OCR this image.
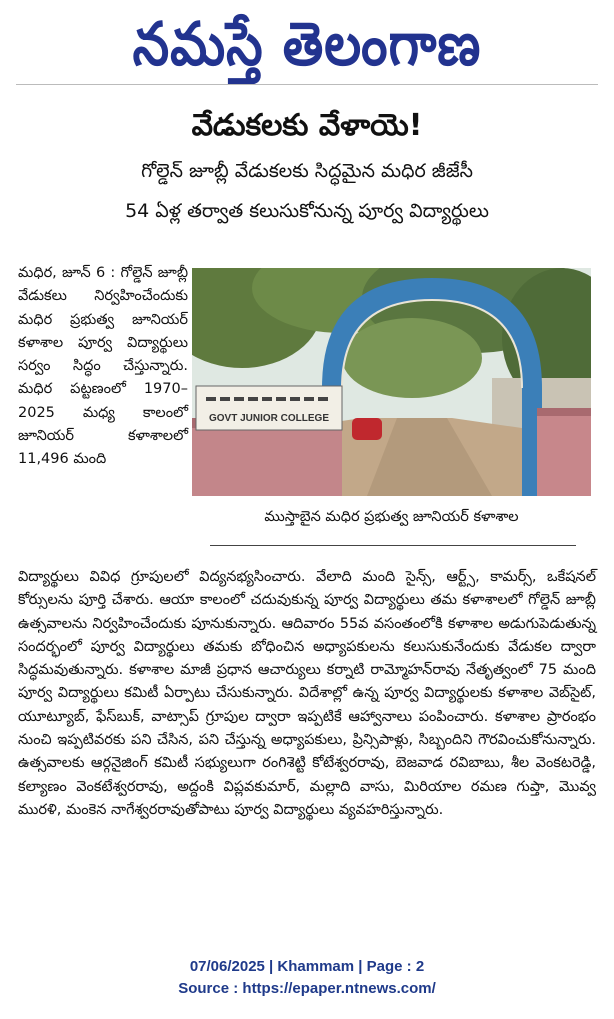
నమస్తే తెలంగాణ
వేడుకలకు వేళాయె!
గోల్డెన్ జూబ్లీ వేడుకలకు సిద్ధమైన మధిర జీజేసీ
54 ఏళ్ల తర్వాత కలుసుకోనున్న పూర్వ విద్యార్థులు
మధిర, జూన్ 6 : గోల్డెన్ జూబ్లీ వేడుకలు నిర్వహించేందుకు మధిర ప్రభుత్వ జూనియర్ కళాశాల పూర్వ విద్యార్థులు సర్వం సిద్ధం చేస్తున్నారు. మధిర పట్టణంలో 1970–2025 మధ్య కాలంలో జూనియర్ కళాశాలలో 11,496 మంది
GOVT JUNIOR COLLEGE
ముస్తాబైన మధిర ప్రభుత్వ జూనియర్ కళాశాల
విద్యార్థులు వివిధ గ్రూపులలో విద్యనభ్యసించారు. వేలాది మంది సైన్స్, ఆర్ట్స్, కామర్స్, ఒకేషనల్ కోర్సులను పూర్తి చేశారు. ఆయా కాలంలో చదువుకున్న పూర్వ విద్యార్థులు తమ కళాశాలలో గోల్డెన్ జూబ్లీ ఉత్సవాలను నిర్వహించేందుకు పూనుకున్నారు. ఆదివారం 55వ వసంతంలోకి కళాశాల అడుగుపెడుతున్న సందర్భంలో పూర్వ విద్యార్థులు తమకు బోధించిన అధ్యాపకులను కలుసుకునేందుకు వేడుకల ద్వారా సిద్ధమవుతున్నారు. కళాశాల మాజీ ప్రధాన ఆచార్యులు కర్నాటి రామ్మోహన్‌రావు నేతృత్వంలో 75 మంది పూర్వ విద్యార్థులు కమిటీ ఏర్పాటు చేసుకున్నారు. విదేశాల్లో ఉన్న పూర్వ విద్యార్థులకు కళాశాల వెబ్‌సైట్, యూట్యూబ్, ఫేస్‌బుక్, వాట్సాప్ గ్రూపుల ద్వారా ఇప్పటికే ఆహ్వానాలు పంపించారు. కళాశాల ప్రారంభం నుంచి ఇప్పటివరకు పని చేసిన, పని చేస్తున్న అధ్యాపకులు, ప్రిన్సిపాళ్లు, సిబ్బందిని గౌరవించుకోనున్నారు. ఉత్సవాలకు ఆర్గనైజింగ్ కమిటీ సభ్యులుగా రంగిశెట్టి కోటేశ్వరరావు, బెజవాడ రవిబాబు, శీల వెంకటరెడ్డి, కల్యాణం వెంకటేశ్వరరావు, అద్దంకి విప్లవకుమార్, మల్లాది వాసు, మిరియాల రమణ గుప్తా, మొవ్వ మురళి, మంకెన నాగేశ్వరరావుతోపాటు పూర్వ విద్యార్థులు వ్యవహరిస్తున్నారు.
07/06/2025 | Khammam | Page : 2
Source : https://epaper.ntnews.com/
